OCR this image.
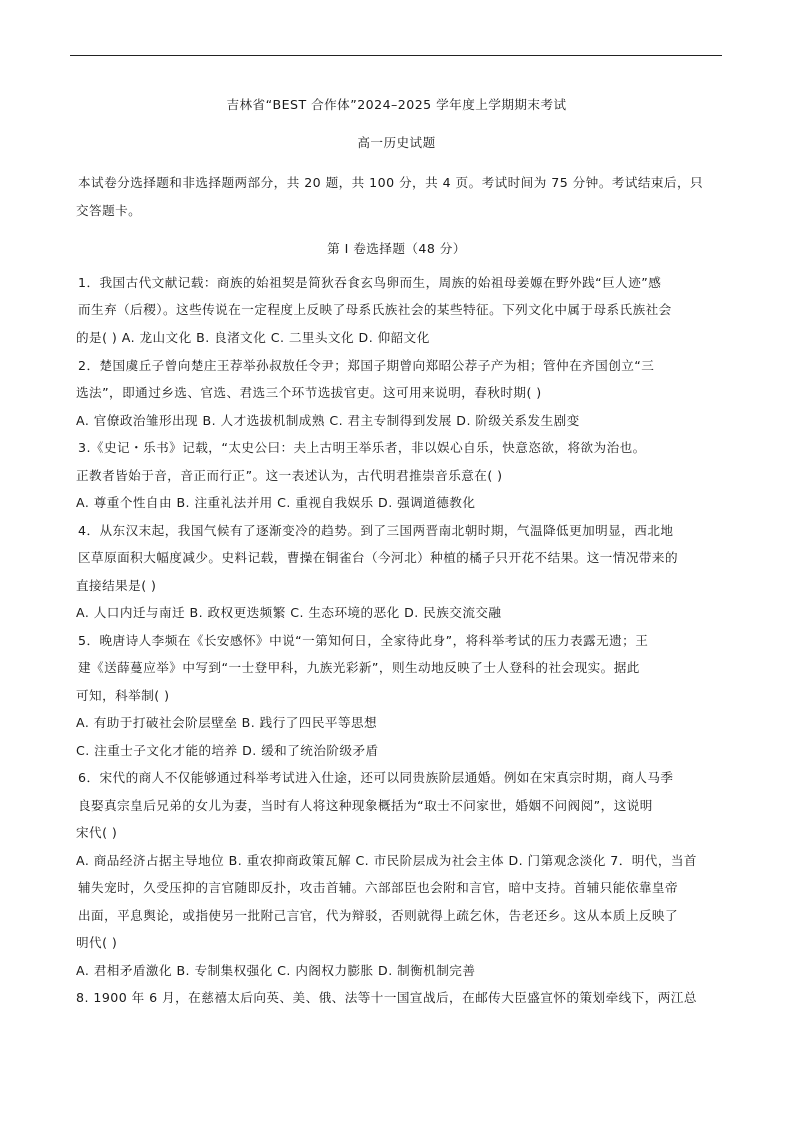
吉林省“BEST 合作体”2024–2025 学年度上学期期末考试
高一历史试题
本试卷分选择题和非选择题两部分，共 20 题，共 100 分，共 4 页。考试时间为 75 分钟。考试结束后，只
交答题卡。
第 I 卷选择题（48 分）
1．我国古代文献记载：商族的始祖契是简狄吞食玄鸟卵而生，周族的始祖母姜嫄在野外践“巨人迹”感
而生弃（后稷）。这些传说在一定程度上反映了母系氏族社会的某些特征。下列文化中属于母系氏族社会
的是( ) A. 龙山文化 B. 良渚文化 C. 二里头文化 D. 仰韶文化
2．楚国虞丘子曾向楚庄王荐举孙叔敖任令尹；郑国子期曾向郑昭公荐子产为相；管仲在齐国创立“三
选法”，即通过乡选、官选、君选三个环节选拔官吏。这可用来说明，春秋时期( )
A. 官僚政治雏形出现 B. 人才选拔机制成熟 C. 君主专制得到发展 D. 阶级关系发生剧变
3.《史记・乐书》记载，“太史公曰：夫上古明王举乐者，非以娱心自乐，快意恣欲，将欲为治也。
正教者皆始于音，音正而行正”。这一表述认为，古代明君推崇音乐意在( )
A. 尊重个性自由 B. 注重礼法并用 C. 重视自我娱乐 D. 强调道德教化
4．从东汉末起，我国气候有了逐渐变冷的趋势。到了三国两晋南北朝时期，气温降低更加明显，西北地
区草原面积大幅度减少。史料记载，曹操在铜雀台（今河北）种植的橘子只开花不结果。这一情况带来的
直接结果是( )
A. 人口内迁与南迁 B. 政权更迭频繁 C. 生态环境的恶化 D. 民族交流交融
5．晚唐诗人李频在《长安感怀》中说“一第知何日，全家待此身”，将科举考试的压力表露无遗；王
建《送薛蔓应举》中写到“一士登甲科，九族光彩新”，则生动地反映了士人登科的社会现实。据此
可知，科举制( )
A. 有助于打破社会阶层壁垒 B. 践行了四民平等思想
C. 注重士子文化才能的培养 D. 缓和了统治阶级矛盾
6．宋代的商人不仅能够通过科举考试进入仕途，还可以同贵族阶层通婚。例如在宋真宗时期，商人马季
良娶真宗皇后兄弟的女儿为妻，当时有人将这种现象概括为“取士不问家世，婚姻不问阀阅”，这说明
宋代( )
A. 商品经济占据主导地位 B. 重农抑商政策瓦解 C. 市民阶层成为社会主体 D. 门第观念淡化 7．明代，当首
辅失宠时，久受压抑的言官随即反扑，攻击首辅。六部部臣也会附和言官，暗中支持。首辅只能依靠皇帝
出面，平息舆论，或指使另一批附己言官，代为辩驳，否则就得上疏乞休，告老还乡。这从本质上反映了
明代( )
A. 君相矛盾激化 B. 专制集权强化 C. 内阁权力膨胀 D. 制衡机制完善
8. 1900 年 6 月，在慈禧太后向英、美、俄、法等十一国宣战后，在邮传大臣盛宣怀的策划牵线下，两江总
